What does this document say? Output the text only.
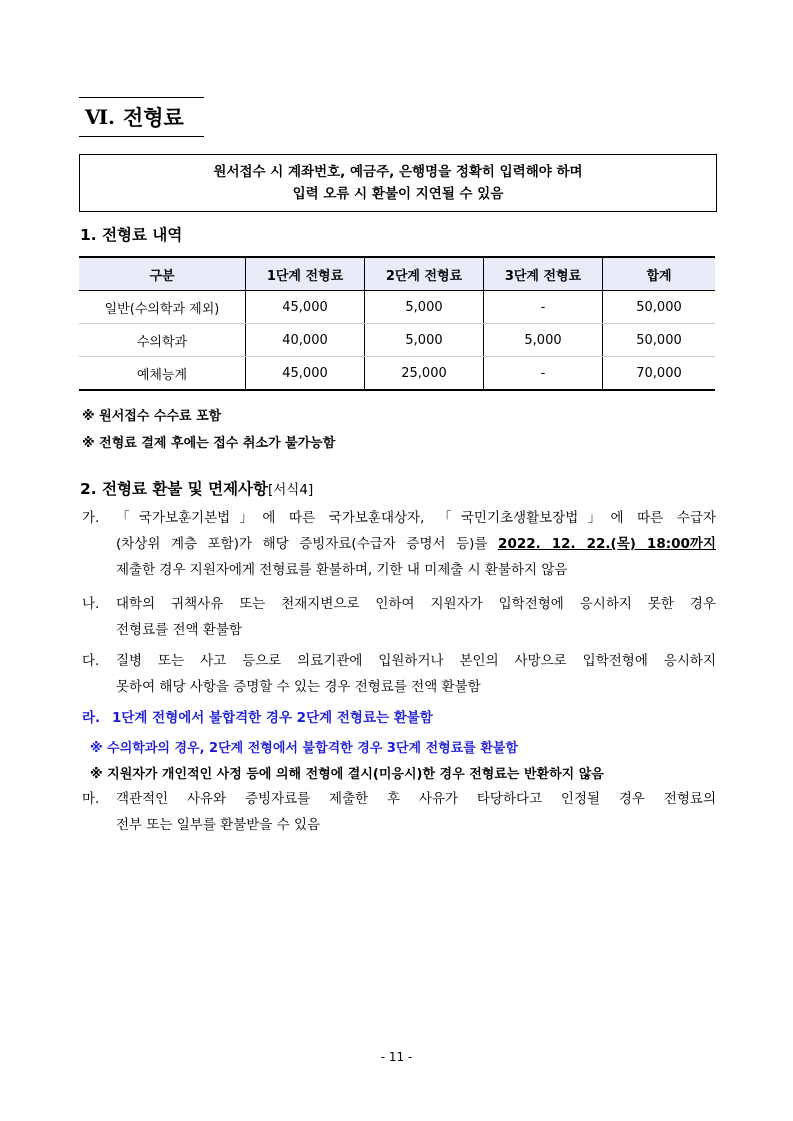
Ⅵ. 전형료
원서접수 시 계좌번호, 예금주, 은행명을 정확히 입력해야 하며
입력 오류 시 환불이 지연될 수 있음
1. 전형료 내역
구분	1단계 전형료	2단계 전형료	3단계 전형료	합계
일반(수의학과 제외)	45,000	5,000	-	50,000
수의학과	40,000	5,000	5,000	50,000
예체능계	45,000	25,000	-	70,000
※ 원서접수 수수료 포함
※ 전형료 결제 후에는 접수 취소가 불가능함
2. 전형료 환불 및 면제사항[서식4]
가. 「국가보훈기본법」에 따른 국가보훈대상자, 「국민기초생활보장법」에 따른 수급자
(차상위 계층 포함)가 해당 증빙자료(수급자 증명서 등)를 2022. 12. 22.(목) 18:00까지
제출한 경우 지원자에게 전형료를 환불하며, 기한 내 미제출 시 환불하지 않음
나. 대학의 귀책사유 또는 천재지변으로 인하여 지원자가 입학전형에 응시하지 못한 경우
전형료를 전액 환불함
다. 질병 또는 사고 등으로 의료기관에 입원하거나 본인의 사망으로 입학전형에 응시하지
못하여 해당 사항을 증명할 수 있는 경우 전형료를 전액 환불함
라. 1단계 전형에서 불합격한 경우 2단계 전형료는 환불함
※ 수의학과의 경우, 2단계 전형에서 불합격한 경우 3단계 전형료를 환불함
※ 지원자가 개인적인 사정 등에 의해 전형에 결시(미응시)한 경우 전형료는 반환하지 않음
마. 객관적인 사유와 증빙자료를 제출한 후 사유가 타당하다고 인정될 경우 전형료의
전부 또는 일부를 환불받을 수 있음
- 11 -
